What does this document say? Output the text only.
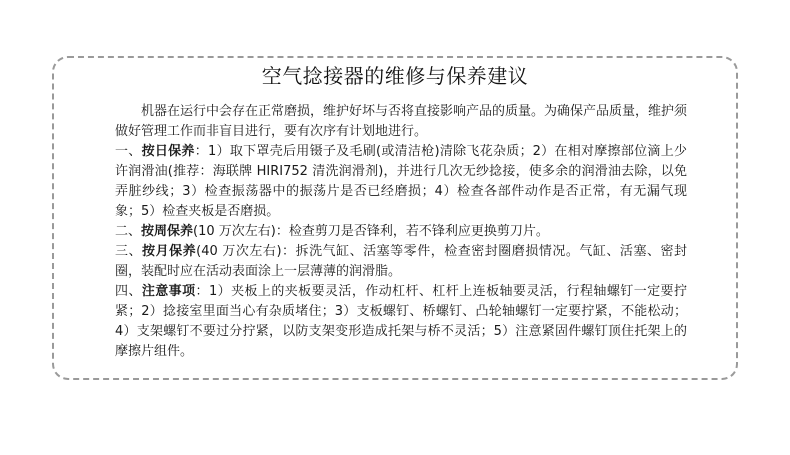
空气捻接器的维修与保养建议

机器在运行中会存在正常磨损，维护好坏与否将直接影响产品的质量。为确保产品质量，维护须做好管理工作而非盲目进行，要有次序有计划地进行。

一、按日保养：1）取下罩壳后用镊子及毛刷(或清洁枪)清除飞花杂质；2）在相对摩擦部位滴上少许润滑油(推荐：海联牌 HIRI752 清洗润滑剂)，并进行几次无纱捻接，使多余的润滑油去除，以免弄脏纱线；3）检查振荡器中的振荡片是否已经磨损；4）检查各部件动作是否正常，有无漏气现象；5）检查夹板是否磨损。

二、按周保养(10 万次左右)：检查剪刀是否锋利，若不锋利应更换剪刀片。

三、按月保养(40 万次左右)：拆洗气缸、活塞等零件，检查密封圈磨损情况。气缸、活塞、密封圈，装配时应在活动表面涂上一层薄薄的润滑脂。

四、注意事项：1）夹板上的夹板要灵活，作动杠杆、杠杆上连板轴要灵活，行程轴螺钉一定要拧紧；2）捻接室里面当心有杂质堵住；3）支板螺钉、桥螺钉、凸轮轴螺钉一定要拧紧，不能松动；4）支架螺钉不要过分拧紧，以防支架变形造成托架与桥不灵活；5）注意紧固件螺钉顶住托架上的摩擦片组件。
